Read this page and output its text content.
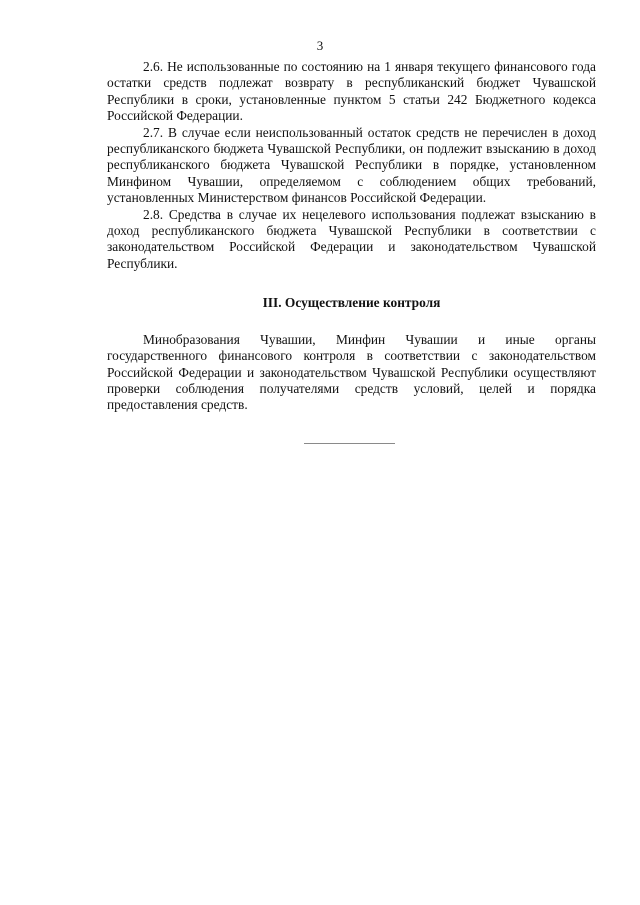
3

2.6. Не использованные по состоянию на 1 января текущего финансового года остатки средств подлежат возврату в республиканский бюджет Чувашской Республики в сроки, установленные пунктом 5 статьи 242 Бюджетного кодекса Российской Федерации.

2.7. В случае если неиспользованный остаток средств не перечислен в доход республиканского бюджета Чувашской Республики, он подлежит взысканию в доход республиканского бюджета Чувашской Республики в порядке, установленном Минфином Чувашии, определяемом с соблюдением общих требований, установленных Министерством финансов Российской Федерации.

2.8. Средства в случае их нецелевого использования подлежат взысканию в доход республиканского бюджета Чувашской Республики в соответствии с законодательством Российской Федерации и законодательством Чувашской Республики.

III. Осуществление контроля

Минобразования Чувашии, Минфин Чувашии и иные органы государственного финансового контроля в соответствии с законодательством Российской Федерации и законодательством Чувашской Республики осуществляют проверки соблюдения получателями средств условий, целей и порядка предоставления средств.
